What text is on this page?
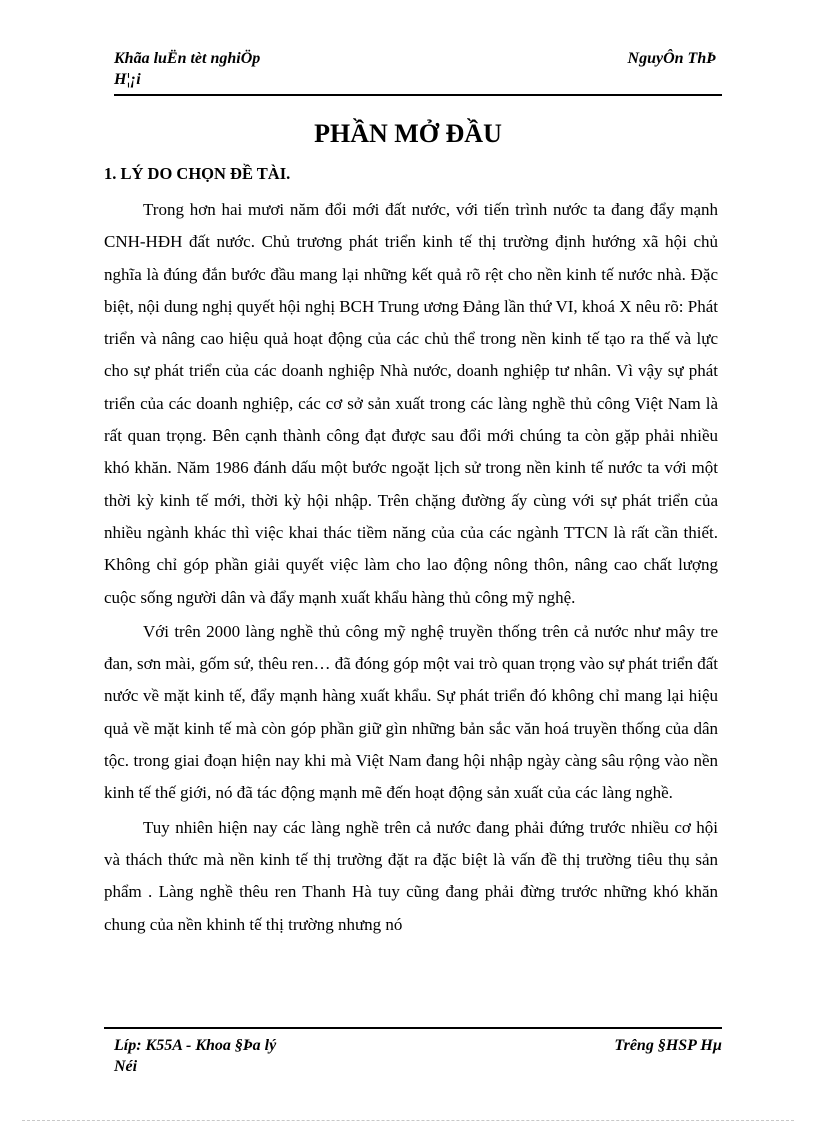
Khãa luËn tèt nghiÖp
H¦¡i
NguyÔn ThÞ
PHẦN MỞ ĐẦU
1. LÝ DO CHỌN ĐỀ TÀI.

Trong hơn hai mươi năm đổi mới đất nước, với tiến trình nước ta đang đẩy mạnh CNH-HĐH đất nước. Chủ trương phát triển kinh tế thị trường định hướng xã hội chủ nghĩa là đúng đắn bước đầu mang lại những kết quả rõ rệt cho nền kinh tế nước nhà. Đặc biệt, nội dung nghị quyết hội nghị BCH Trung ương Đảng lần thứ VI, khoá X nêu rõ: Phát triển và nâng cao hiệu quả hoạt động của các chủ thể trong nền kinh tế tạo ra thế và lực cho sự phát triển của các doanh nghiệp Nhà nước, doanh nghiệp tư nhân. Vì vậy sự phát triển của các doanh nghiệp, các cơ sở sản xuất trong các làng nghề thủ công Việt Nam là rất quan trọng. Bên cạnh thành công đạt được sau đổi mới chúng ta còn gặp phải nhiều khó khăn. Năm 1986 đánh dấu một bước ngoặt lịch sử trong nền kinh tế nước ta với một thời kỳ kinh tế mới, thời kỳ hội nhập. Trên chặng đường ấy cùng với sự phát triển của nhiều ngành khác thì việc khai thác tiềm năng của của các ngành TTCN là rất cần thiết. Không chỉ góp phần giải quyết việc làm cho lao động nông thôn, nâng cao chất lượng cuộc sống người dân và đẩy mạnh xuất khẩu hàng thủ công mỹ nghệ.

Với trên 2000 làng nghề thủ công mỹ nghệ truyền thống trên cả nước như mây tre đan, sơn mài, gốm sứ, thêu ren… đã đóng góp một vai trò quan trọng vào sự phát triển đất nước về mặt kinh tế, đẩy mạnh hàng xuất khẩu. Sự phát triển đó không chỉ mang lại hiệu quả về mặt kinh tế mà còn góp phần giữ gìn những bản sắc văn hoá truyền thống của dân tộc. trong giai đoạn hiện nay khi mà Việt Nam đang hội nhập ngày càng sâu rộng vào nền kinh tế thế giới, nó đã tác động mạnh mẽ đến hoạt động sản xuất của các làng nghề.

Tuy nhiên hiện nay các làng nghề trên cả nước đang phải đứng trước nhiều cơ hội và thách thức mà nền kinh tế thị trường đặt ra đặc biệt là vấn đề thị trường tiêu thụ sản phẩm . Làng nghề thêu ren Thanh Hà tuy cũng đang phải đừng trước những khó khăn chung của nền khinh tế thị trường nhưng nó

Líp: K55A - Khoa §Þa lý
Néi
Trêng §HSP Hµ
